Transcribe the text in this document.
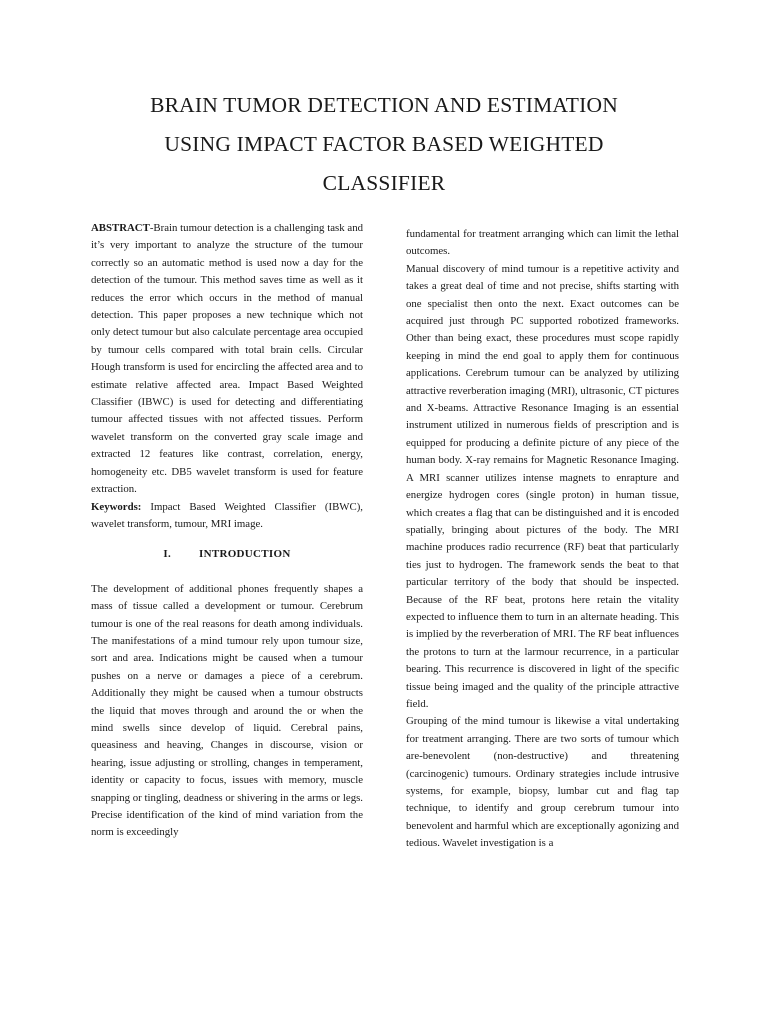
BRAIN TUMOR DETECTION AND ESTIMATION
USING IMPACT FACTOR BASED WEIGHTED
CLASSIFIER

ABSTRACT-Brain tumour detection is a challenging task and it’s very important to analyze the structure of the tumour correctly so an automatic method is used now a day for the detection of the tumour. This method saves time as well as it reduces the error which occurs in the method of manual detection. This paper proposes a new technique which not only detect tumour but also calculate percentage area occupied by tumour cells compared with total brain cells. Circular Hough transform is used for encircling the affected area and to estimate relative affected area. Impact Based Weighted Classifier (IBWC) is used for detecting and differentiating tumour affected tissues with not affected tissues. Perform wavelet transform on the converted gray scale image and extracted 12 features like contrast, correlation, energy, homogeneity etc. DB5 wavelet transform is used for feature extraction.

Keywords: Impact Based Weighted Classifier (IBWC), wavelet transform, tumour, MRI image.

I.	INTRODUCTION

The development of additional phones frequently shapes a mass of tissue called a development or tumour. Cerebrum tumour is one of the real reasons for death among individuals. The manifestations of a mind tumour rely upon tumour size, sort and area. Indications might be caused when a tumour pushes on a nerve or damages a piece of a cerebrum. Additionally they might be caused when a tumour obstructs the liquid that moves through and around the or when the mind swells since develop of liquid. Cerebral pains, queasiness and heaving, Changes in discourse, vision or hearing, issue adjusting or strolling, changes in temperament, identity or capacity to focus, issues with memory, muscle snapping or tingling, deadness or shivering in the arms or legs. Precise identification of the kind of mind variation from the norm is exceedingly

fundamental for treatment arranging which can limit the lethal outcomes.

Manual discovery of mind tumour is a repetitive activity and takes a great deal of time and not precise, shifts starting with one specialist then onto the next. Exact outcomes can be acquired just through PC supported robotized frameworks. Other than being exact, these procedures must scope rapidly keeping in mind the end goal to apply them for continuous applications. Cerebrum tumour can be analyzed by utilizing attractive reverberation imaging (MRI), ultrasonic, CT pictures and X-beams. Attractive Resonance Imaging is an essential instrument utilized in numerous fields of prescription and is equipped for producing a definite picture of any piece of the human body. X-ray remains for Magnetic Resonance Imaging. A MRI scanner utilizes intense magnets to enrapture and energize hydrogen cores (single proton) in human tissue, which creates a flag that can be distinguished and it is encoded spatially, bringing about pictures of the body. The MRI machine produces radio recurrence (RF) beat that particularly ties just to hydrogen. The framework sends the beat to that particular territory of the body that should be inspected. Because of the RF beat, protons here retain the vitality expected to influence them to turn in an alternate heading. This is implied by the reverberation of MRI. The RF beat influences the protons to turn at the larmour recurrence, in a particular bearing. This recurrence is discovered in light of the specific tissue being imaged and the quality of the principle attractive field.

Grouping of the mind tumour is likewise a vital undertaking for treatment arranging. There are two sorts of tumour which are-benevolent (non-destructive) and threatening (carcinogenic) tumours. Ordinary strategies include intrusive systems, for example, biopsy, lumbar cut and flag tap technique, to identify and group cerebrum tumour into benevolent and harmful which are exceptionally agonizing and tedious. Wavelet investigation is a
